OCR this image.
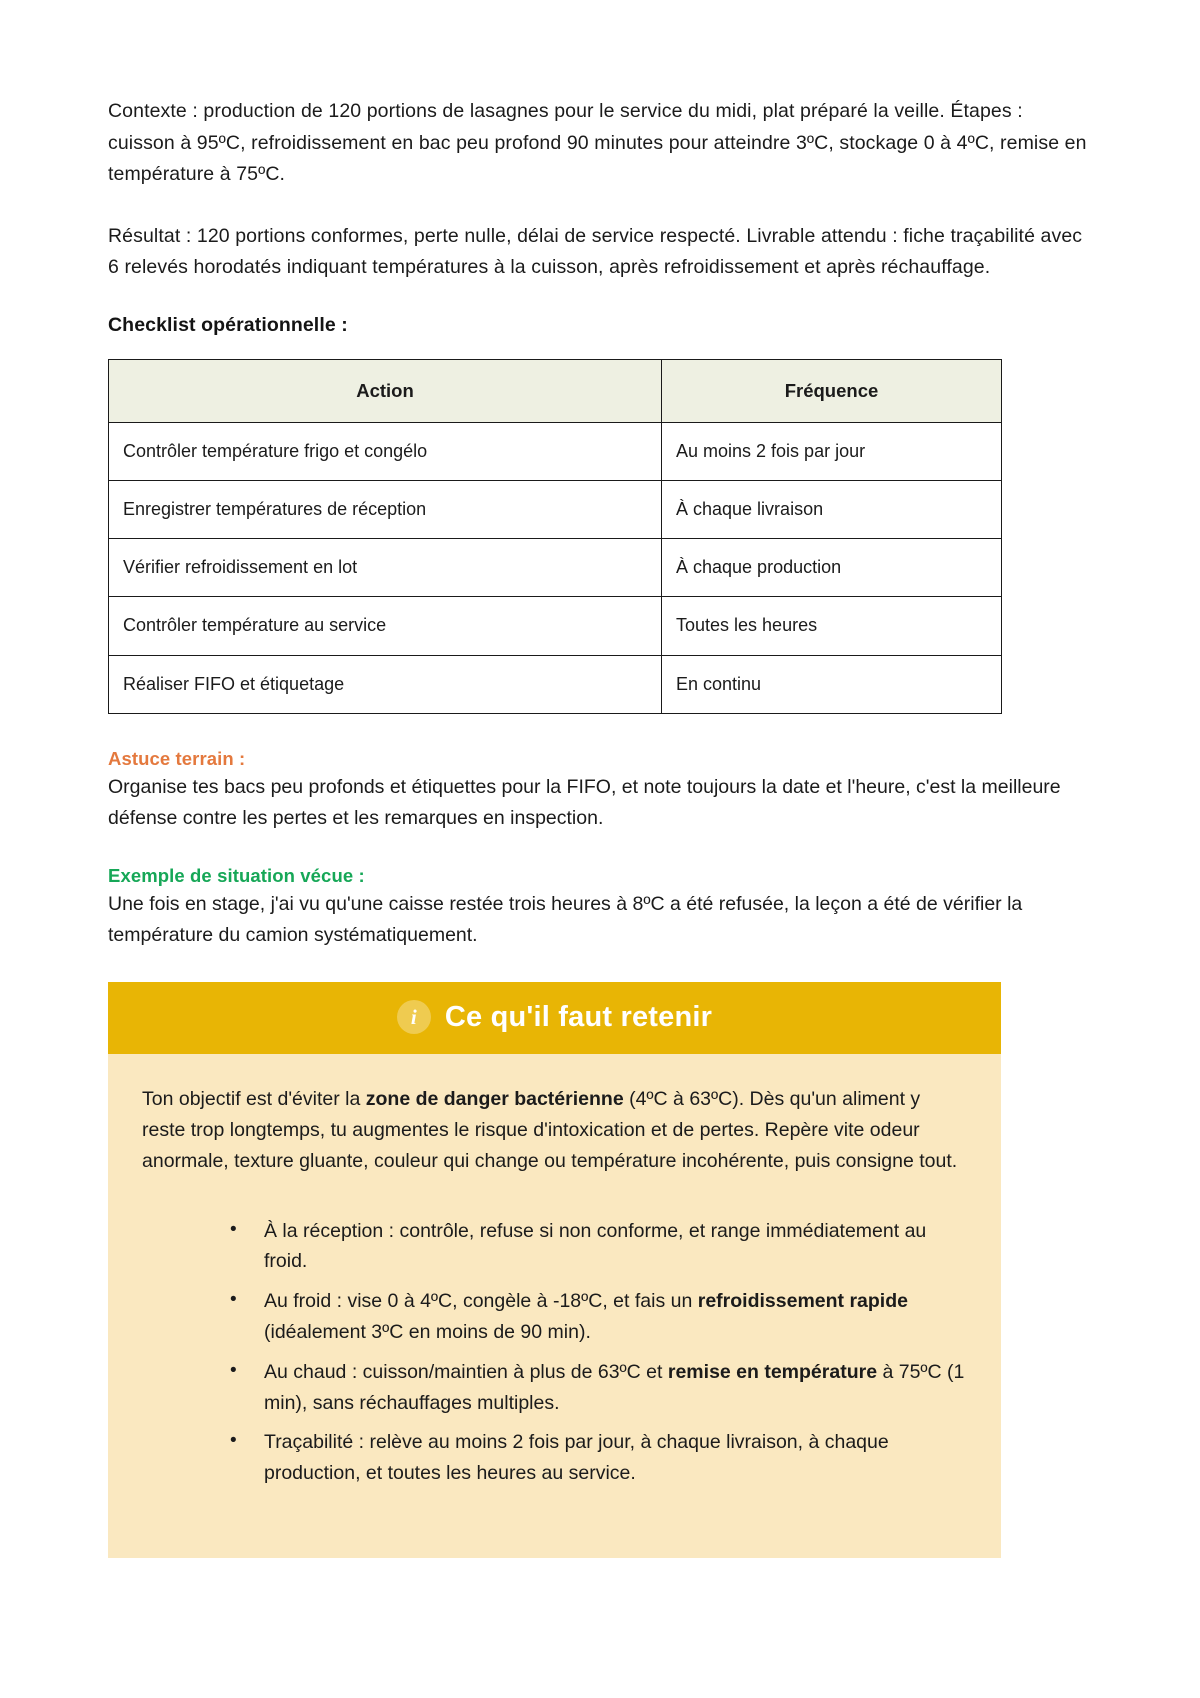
Contexte : production de 120 portions de lasagnes pour le service du midi, plat préparé la veille. Étapes : cuisson à 95ºC, refroidissement en bac peu profond 90 minutes pour atteindre 3ºC, stockage 0 à 4ºC, remise en température à 75ºC.

Résultat : 120 portions conformes, perte nulle, délai de service respecté. Livrable attendu : fiche traçabilité avec 6 relevés horodatés indiquant températures à la cuisson, après refroidissement et après réchauffage.

Checklist opérationnelle :
Action	Fréquence
Contrôler température frigo et congélo	Au moins 2 fois par jour
Enregistrer températures de réception	À chaque livraison
Vérifier refroidissement en lot	À chaque production
Contrôler température au service	Toutes les heures
Réaliser FIFO et étiquetage	En continu
Astuce terrain :

Organise tes bacs peu profonds et étiquettes pour la FIFO, et note toujours la date et l'heure, c'est la meilleure défense contre les pertes et les remarques en inspection.

Exemple de situation vécue :

Une fois en stage, j'ai vu qu'une caisse restée trois heures à 8ºC a été refusée, la leçon a été de vérifier la température du camion systématiquement.

i Ce qu'il faut retenir

Ton objectif est d'éviter la zone de danger bactérienne (4ºC à 63ºC). Dès qu'un aliment y reste trop longtemps, tu augmentes le risque d'intoxication et de pertes. Repère vite odeur anormale, texture gluante, couleur qui change ou température incohérente, puis consigne tout.

• À la réception : contrôle, refuse si non conforme, et range immédiatement au froid.
• Au froid : vise 0 à 4ºC, congèle à -18ºC, et fais un refroidissement rapide (idéalement 3ºC en moins de 90 min).
• Au chaud : cuisson/maintien à plus de 63ºC et remise en température à 75ºC (1 min), sans réchauffages multiples.
• Traçabilité : relève au moins 2 fois par jour, à chaque livraison, à chaque production, et toutes les heures au service.
